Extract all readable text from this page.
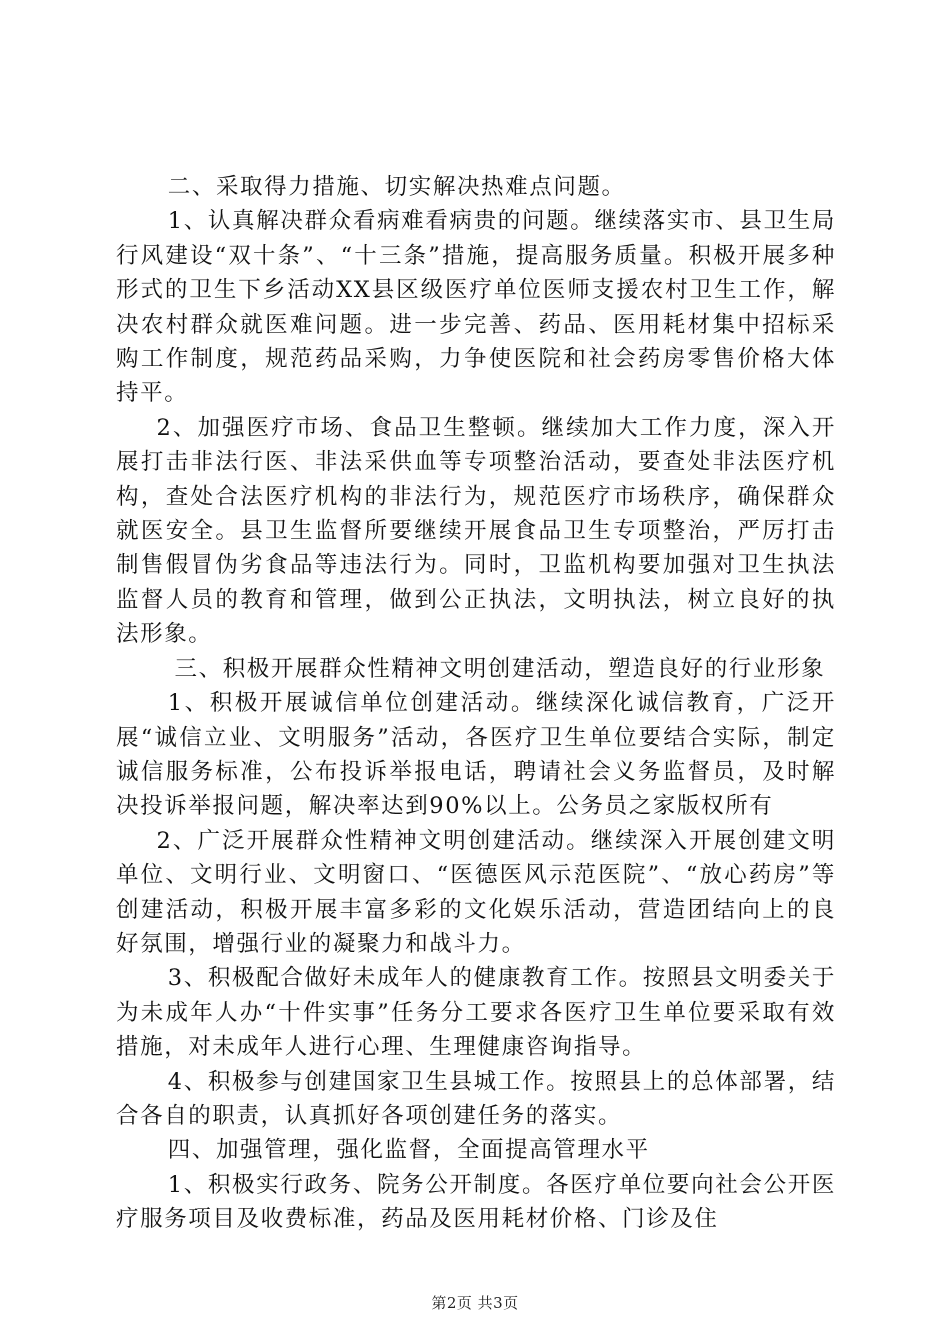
二、采取得力措施、切实解决热难点问题。

1、认真解决群众看病难看病贵的问题。继续落实市、县卫生局行风建设“双十条”、“十三条”措施，提高服务质量。积极开展多种形式的卫生下乡活动XX县区级医疗单位医师支援农村卫生工作，解决农村群众就医难问题。进一步完善、药品、医用耗材集中招标采购工作制度，规范药品采购，力争使医院和社会药房零售价格大体持平。

2、加强医疗市场、食品卫生整顿。继续加大工作力度，深入开展打击非法行医、非法采供血等专项整治活动，要查处非法医疗机构，查处合法医疗机构的非法行为，规范医疗市场秩序，确保群众就医安全。县卫生监督所要继续开展食品卫生专项整治，严厉打击制售假冒伪劣食品等违法行为。同时，卫监机构要加强对卫生执法监督人员的教育和管理，做到公正执法，文明执法，树立良好的执法形象。

三、积极开展群众性精神文明创建活动，塑造良好的行业形象

1、积极开展诚信单位创建活动。继续深化诚信教育，广泛开展“诚信立业、文明服务”活动，各医疗卫生单位要结合实际，制定诚信服务标准，公布投诉举报电话，聘请社会义务监督员，及时解决投诉举报问题，解决率达到90%以上。公务员之家版权所有

2、广泛开展群众性精神文明创建活动。继续深入开展创建文明单位、文明行业、文明窗口、“医德医风示范医院”、“放心药房”等创建活动，积极开展丰富多彩的文化娱乐活动，营造团结向上的良好氛围，增强行业的凝聚力和战斗力。

3、积极配合做好未成年人的健康教育工作。按照县文明委关于为未成年人办“十件实事”任务分工要求各医疗卫生单位要采取有效措施，对未成年人进行心理、生理健康咨询指导。

4、积极参与创建国家卫生县城工作。按照县上的总体部署，结合各自的职责，认真抓好各项创建任务的落实。

四、加强管理，强化监督，全面提高管理水平

1、积极实行政务、院务公开制度。各医疗单位要向社会公开医疗服务项目及收费标准，药品及医用耗材价格、门诊及住

第2页 共3页
